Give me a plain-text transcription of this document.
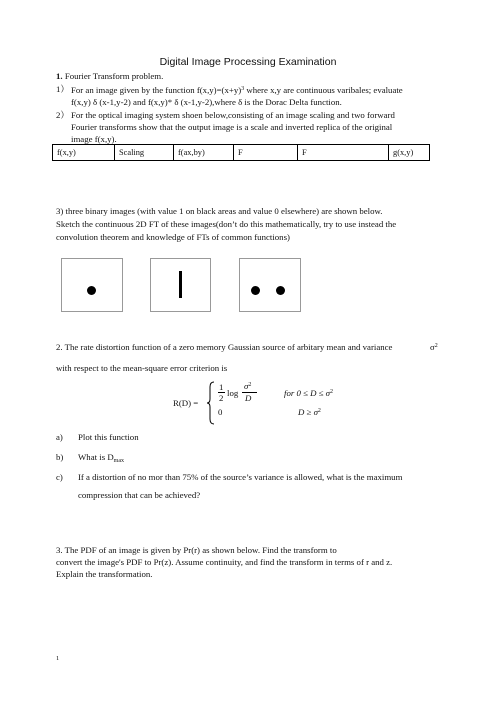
Digital Image Processing Examination
1. Fourier Transform problem.
1） For an image given by the function $f(x,y)=(x+y)^3$ where x,y are continuous varibales; evaluate
f(x,y) δ (x-1,y-2) and f(x,y)* δ (x-1,y-2),where δ is the Dorac Delta function.
2） For the optical imaging system shoen below,consisting of an image scaling and two forward
Fourier transforms show that the output image is a scale and inverted replica of the original
image f(x,y).
f(x,y)	Scaling	f(ax,by)	F	F	g(x,y)
3) three binary images (with value 1 on black areas and value 0 elsewhere) are shown below.
Sketch the continuous 2D FT of these images(don’t do this mathematically, try to use instead the
convolution theorem and knowledge of FTs of common functions)
2. The rate distortion function of a zero memory Gaussian source of arbitary mean and variance	$\sigma^2$
with respect to the mean-square error criterion is
R(D) =
1
2 log
$\sigma^2$
D	for $0 \le D \le \sigma^2$
0	$D \ge \sigma^2$
a) Plot this function
b) What is $D_{max}$
c) If a distortion of no mor than 75% of the source’s variance is allowed, what is the maximum
compression that can be achieved?
3. The PDF of an image is given by Pr(r) as shown below. Find the transform to
convert the image's PDF to Pr(z). Assume continuity, and find the transform in terms of r and z.
Explain the transformation.
1
